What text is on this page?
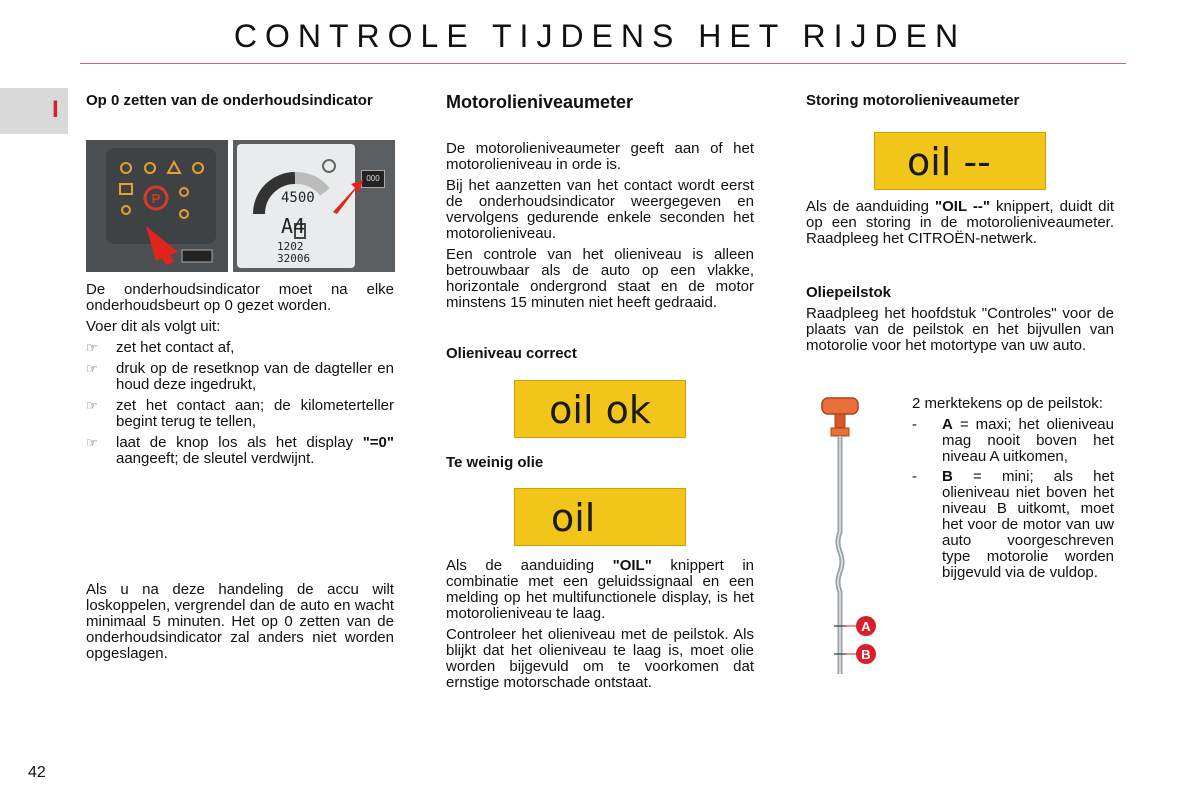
CONTROLE TIJDENS HET RIJDEN
I Op 0 zetten van de onderhoudsindicator
P	4500
A4
1202
32006
000
De onderhoudsindicator moet na elke onderhoudsbeurt op 0 gezet worden.
Voer dit als volgt uit:
☞ zet het contact af,
☞ druk op de resetknop van de dagteller en houd deze ingedrukt,
☞ zet het contact aan; de kilometerteller begint terug te tellen,
☞ laat de knop los als het display "=0" aangeeft; de sleutel verdwijnt.
Als u na deze handeling de accu wilt loskoppelen, vergrendel dan de auto en wacht minimaal 5 minuten. Het op 0 zetten van de onderhoudsindicator zal anders niet worden opgeslagen.
Motorolieniveaumeter
De motorolieniveaumeter geeft aan of het motorolieniveau in orde is.
Bij het aanzetten van het contact wordt eerst de onderhoudsindicator weergegeven en vervolgens gedurende enkele seconden het motorolieniveau.
Een controle van het olieniveau is alleen betrouwbaar als de auto op een vlakke, horizontale ondergrond staat en de motor minstens 15 minuten niet heeft gedraaid.
Olieniveau correct
oil ok
Te weinig olie
oil
Als de aanduiding "OIL" knippert in combinatie met een geluidssignaal en een melding op het multifunctionele display, is het motorolieniveau te laag.
Controleer het olieniveau met de peilstok. Als blijkt dat het olieniveau te laag is, moet olie worden bijgevuld om te voorkomen dat ernstige motorschade ontstaat.
Storing motorolieniveaumeter
oil --
Als de aanduiding "OIL --" knippert, duidt dit op een storing in de motorolieniveaumeter. Raadpleeg het CITROËN-netwerk.
Oliepeilstok
Raadpleeg het hoofdstuk "Controles" voor de plaats van de peilstok en het bijvullen van motorolie voor het motortype van uw auto.
A
B
2 merktekens op de peilstok:
- A = maxi; het olieniveau mag nooit boven het niveau A uitkomen,
- B = mini; als het olieniveau niet boven het niveau B uitkomt, moet het voor de motor van uw auto voorgeschreven type motorolie worden bijgevuld via de vuldop.
42
